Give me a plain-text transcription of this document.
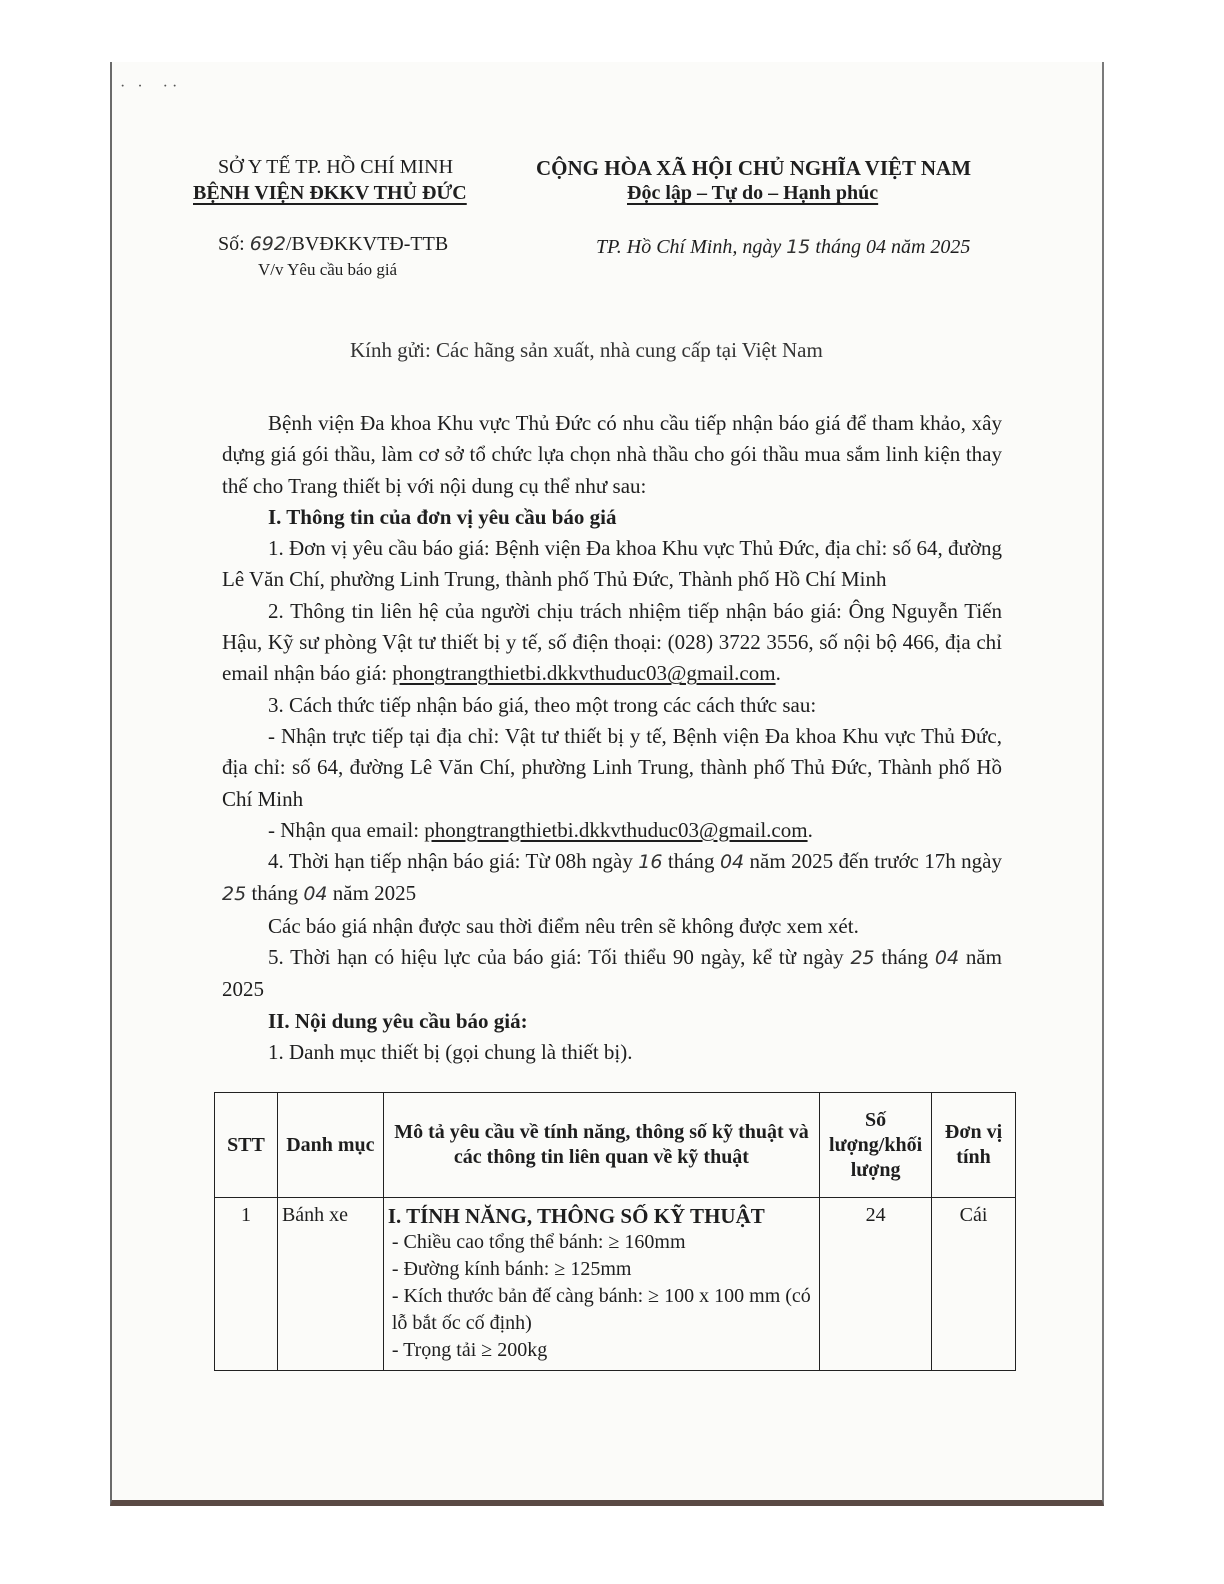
· ·  ··
SỞ Y TẾ TP. HỒ CHÍ MINH
BỆNH VIỆN ĐKKV THỦ ĐỨC
CỘNG HÒA XÃ HỘI CHỦ NGHĨA VIỆT NAM
Độc lập – Tự do – Hạnh phúc
Số: 692/BVĐKKVTĐ-TTB
V/v Yêu cầu báo giá
TP. Hồ Chí Minh, ngày 15 tháng 04 năm 2025
Kính gửi: Các hãng sản xuất, nhà cung cấp tại Việt Nam

Bệnh viện Đa khoa Khu vực Thủ Đức có nhu cầu tiếp nhận báo giá để tham khảo, xây dựng giá gói thầu, làm cơ sở tổ chức lựa chọn nhà thầu cho gói thầu mua sắm linh kiện thay thế cho Trang thiết bị với nội dung cụ thể như sau:

I. Thông tin của đơn vị yêu cầu báo giá

1. Đơn vị yêu cầu báo giá: Bệnh viện Đa khoa Khu vực Thủ Đức, địa chỉ: số 64, đường Lê Văn Chí, phường Linh Trung, thành phố Thủ Đức, Thành phố Hồ Chí Minh

2. Thông tin liên hệ của người chịu trách nhiệm tiếp nhận báo giá: Ông Nguyễn Tiến Hậu, Kỹ sư phòng Vật tư thiết bị y tế, số điện thoại: (028) 3722 3556, số nội bộ 466, địa chỉ email nhận báo giá: phongtrangthietbi.dkkvthuduc03@gmail.com.

3. Cách thức tiếp nhận báo giá, theo một trong các cách thức sau:

- Nhận trực tiếp tại địa chỉ: Vật tư thiết bị y tế, Bệnh viện Đa khoa Khu vực Thủ Đức, địa chỉ: số 64, đường Lê Văn Chí, phường Linh Trung, thành phố Thủ Đức, Thành phố Hồ Chí Minh

- Nhận qua email: phongtrangthietbi.dkkvthuduc03@gmail.com.

4. Thời hạn tiếp nhận báo giá: Từ 08h ngày 16 tháng 04 năm 2025 đến trước 17h ngày 25 tháng 04 năm 2025

Các báo giá nhận được sau thời điểm nêu trên sẽ không được xem xét.

5. Thời hạn có hiệu lực của báo giá: Tối thiểu 90 ngày, kể từ ngày 25 tháng 04 năm 2025

II. Nội dung yêu cầu báo giá:

1. Danh mục thiết bị (gọi chung là thiết bị).

STT	Danh mục	Mô tả yêu cầu về tính năng, thông số kỹ thuật và các thông tin liên quan về kỹ thuật	Số lượng/khối lượng	Đơn vị tính
1	Bánh xe	I. TÍNH NĂNG, THÔNG SỐ KỸ THUẬT
- Chiều cao tổng thể bánh: ≥ 160mm
- Đường kính bánh: ≥ 125mm
- Kích thước bản đế càng bánh: ≥ 100 x 100 mm (có lỗ bắt ốc cố định)
- Trọng tải ≥ 200kg	24	Cái
